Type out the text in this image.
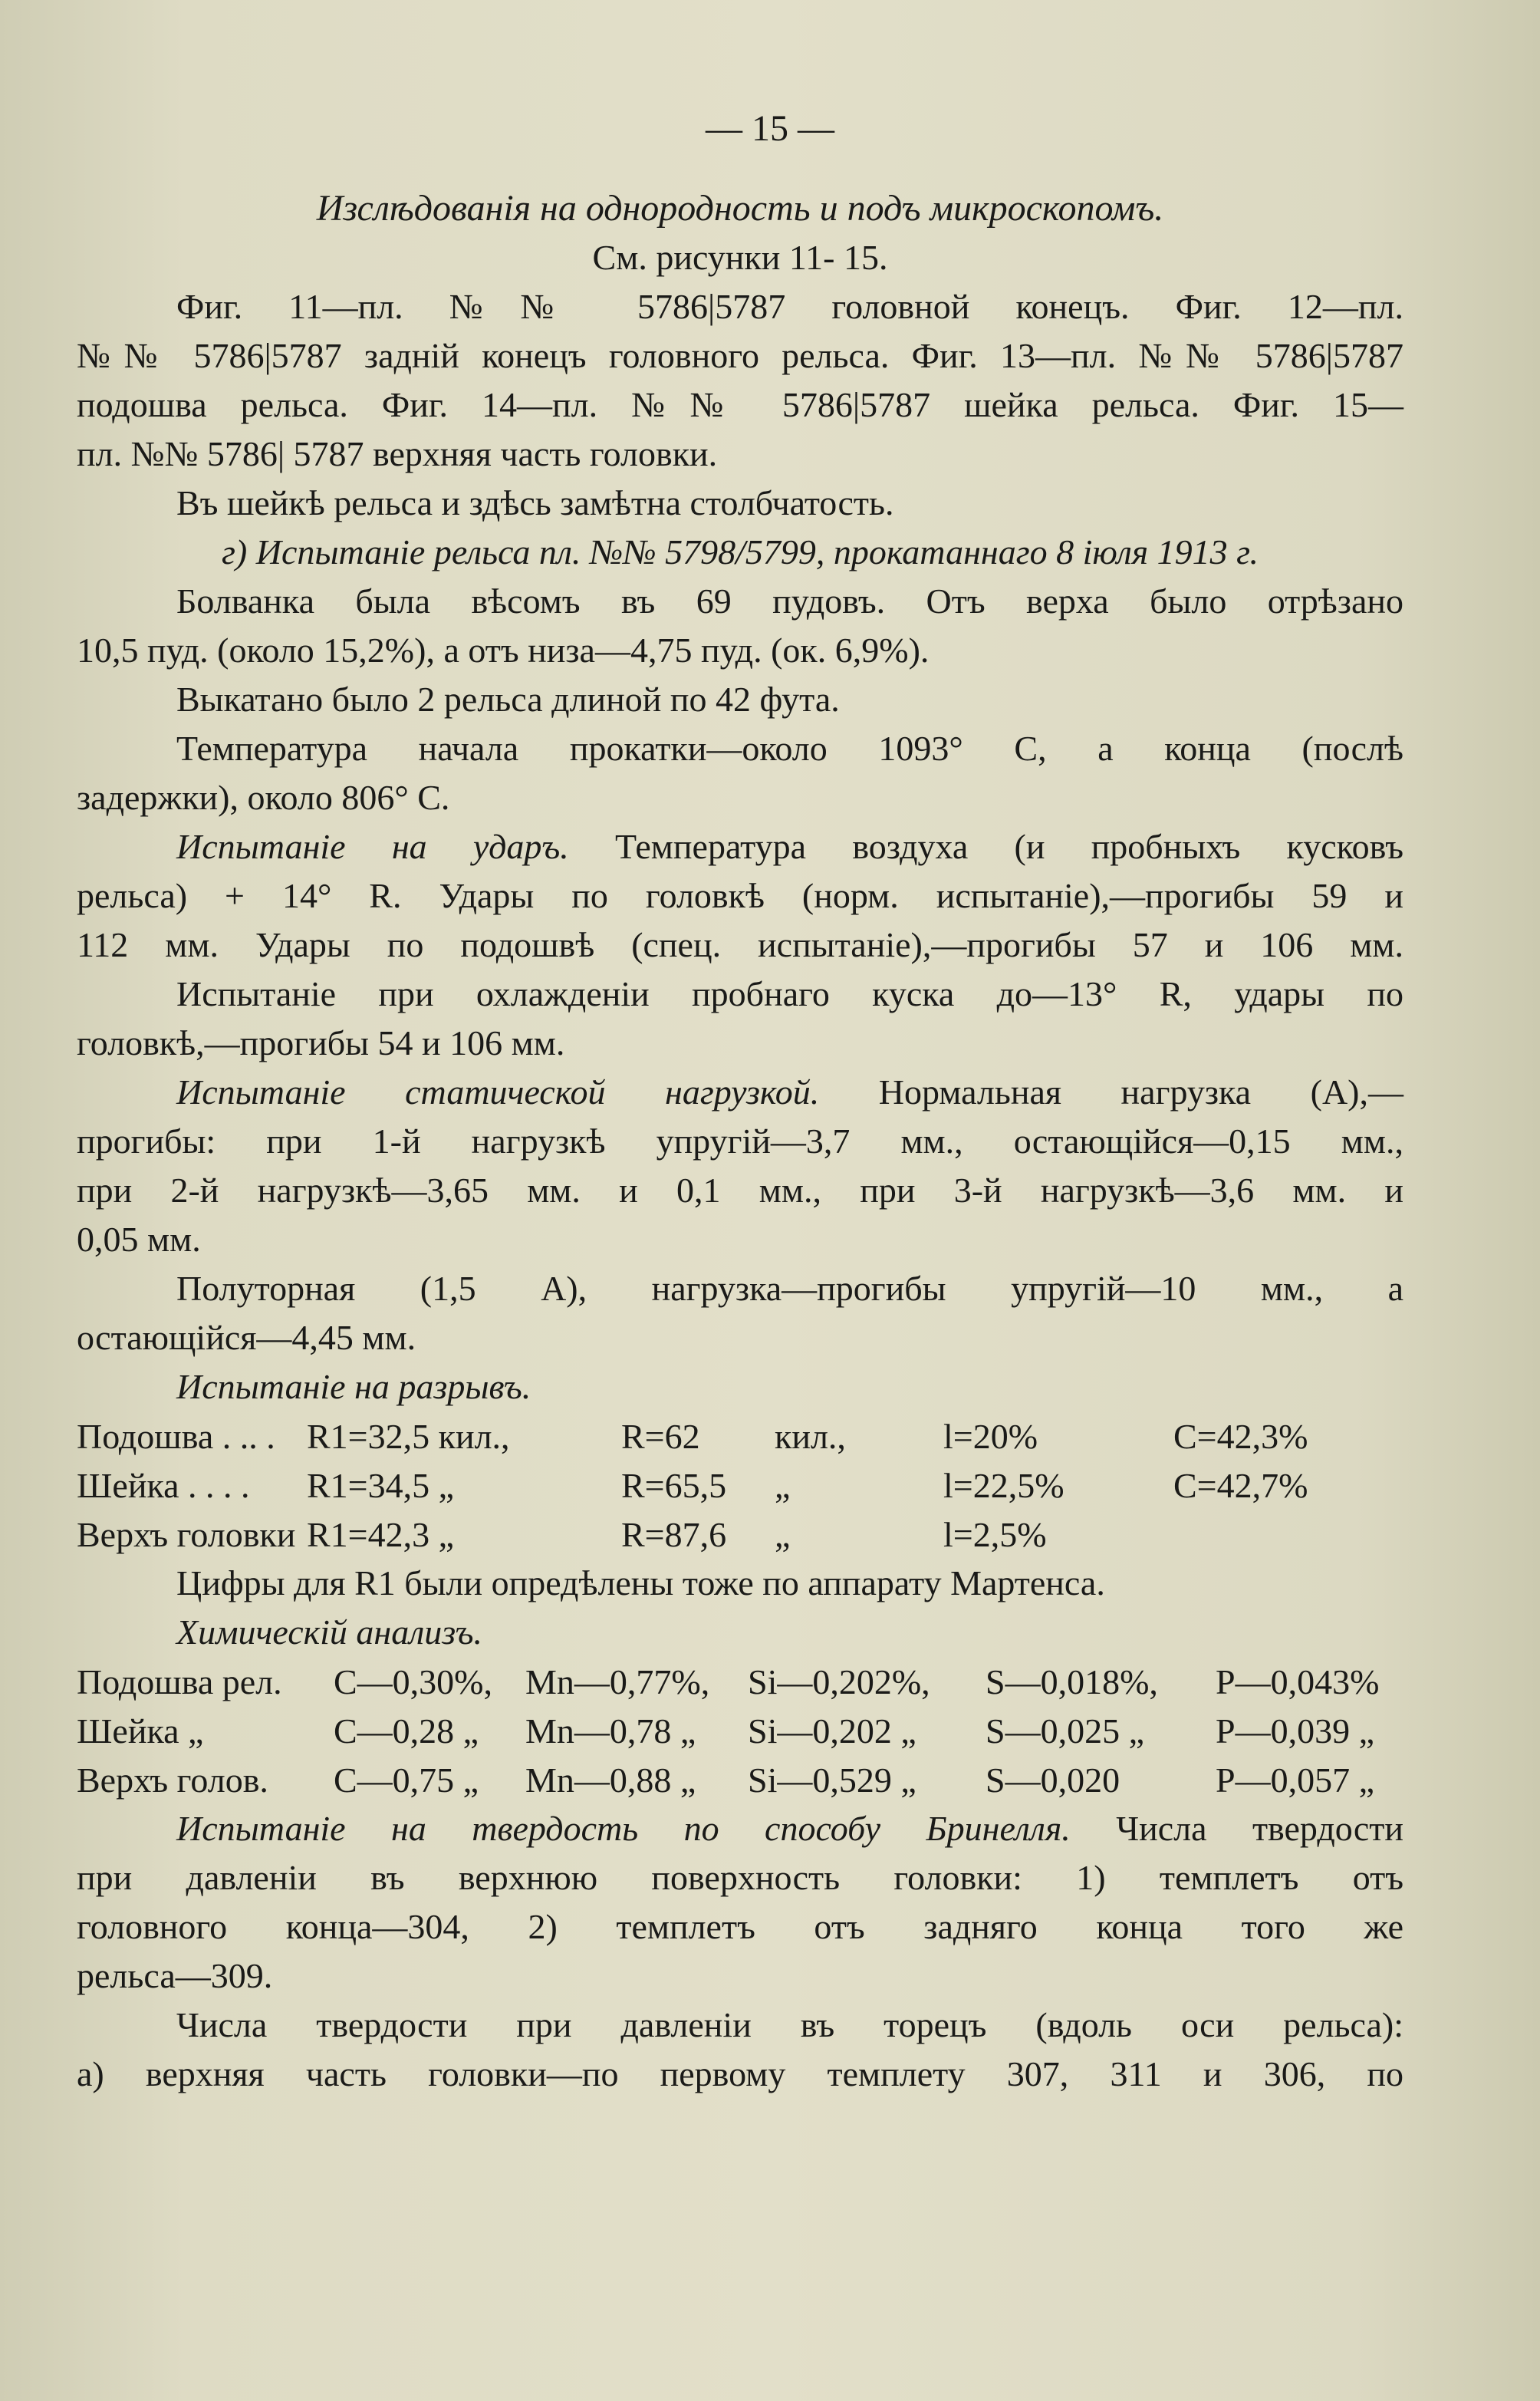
— 15 —
Изслѣдованія на однородность и подъ микроскопомъ.
См. рисунки 11- 15.
Фиг. 11—пл. №№ 5786|5787 головной конецъ. Фиг. 12—пл.
№№ 5786|5787 заднiй конецъ головного рельса. Фиг. 13—пл. №№ 5786|5787
подошва рельса. Фиг. 14—пл. №№ 5786|5787 шейка рельса. Фиг. 15—
пл. №№ 5786| 5787 верхняя часть головки.
Въ шейкѣ рельса и здѣсь замѣтна столбчатость.
г) Испытаніе рельса пл. №№ 5798/5799, прокатаннаго 8 іюля 1913 г.
Болванка была вѣсомъ въ 69 пудовъ. Отъ верха было отрѣзано
10,5 пуд. (около 15,2%), а отъ низа—4,75 пуд. (ок. 6,9%).
Выкатано было 2 рельса длиной по 42 фута.
Температура начала прокатки—около 1093° С, а конца (послѣ
задержки), около 806° С.
Испытаніе на ударъ. Температура воздуха (и пробныхъ кусковъ
рельса) + 14° R. Удары по головкѣ (норм. испытаніе),—прогибы 59 и
112 мм. Удары по подошвѣ (спец. испытаніе),—прогибы 57 и 106 мм.
Испытаніе при охлажденіи пробнаго куска до—13° R, удары по
головкѣ,—прогибы 54 и 106 мм.
Испытаніе статической нагрузкой. Нормальная нагрузка (А),—
прогибы: при 1-й нагрузкѣ упругій—3,7 мм., остающійся—0,15 мм.,
при 2-й нагрузкѣ—3,65 мм. и 0,1 мм., при 3-й нагрузкѣ—3,6 мм. и
0,05 мм.
Полуторная (1,5 А), нагрузка—прогибы упругій—10 мм., а
остающійся—4,45 мм.
Испытаніе на разрывъ.
Подошва . .. .	R1=32,5 кил.,	R=62	кил.,	l=20%	С=42,3%
Шейка . . . .	R1=34,5 „	R=65,5	„	l=22,5%	С=42,7%
Верхъ головки	R1=42,3 „	R=87,6	„	l=2,5%	
Цифры для R1 были опредѣлены тоже по аппарату Мартенса.
Химическій анализъ.
Подошва рел.	С—0,30%,	Mn—0,77%,	Si—0,202%,	S—0,018%,	Р—0,043%
Шейка „	С—0,28 „	Mn—0,78 „	Si—0,202 „	S—0,025 „	Р—0,039 „
Верхъ голов.	С—0,75 „	Mn—0,88 „	Si—0,529 „	S—0,020	Р—0,057 „
Испытаніе на твердость по способу Бринелля. Числа твердости
при давленіи въ верхнюю поверхность головки: 1) темплетъ отъ
головного конца—304, 2) темплетъ отъ задняго конца того же
рельса—309.
Числа твердости при давленіи въ торецъ (вдоль оси рельса):
а) верхняя часть головки—по первому темплету 307, 311 и 306, по
